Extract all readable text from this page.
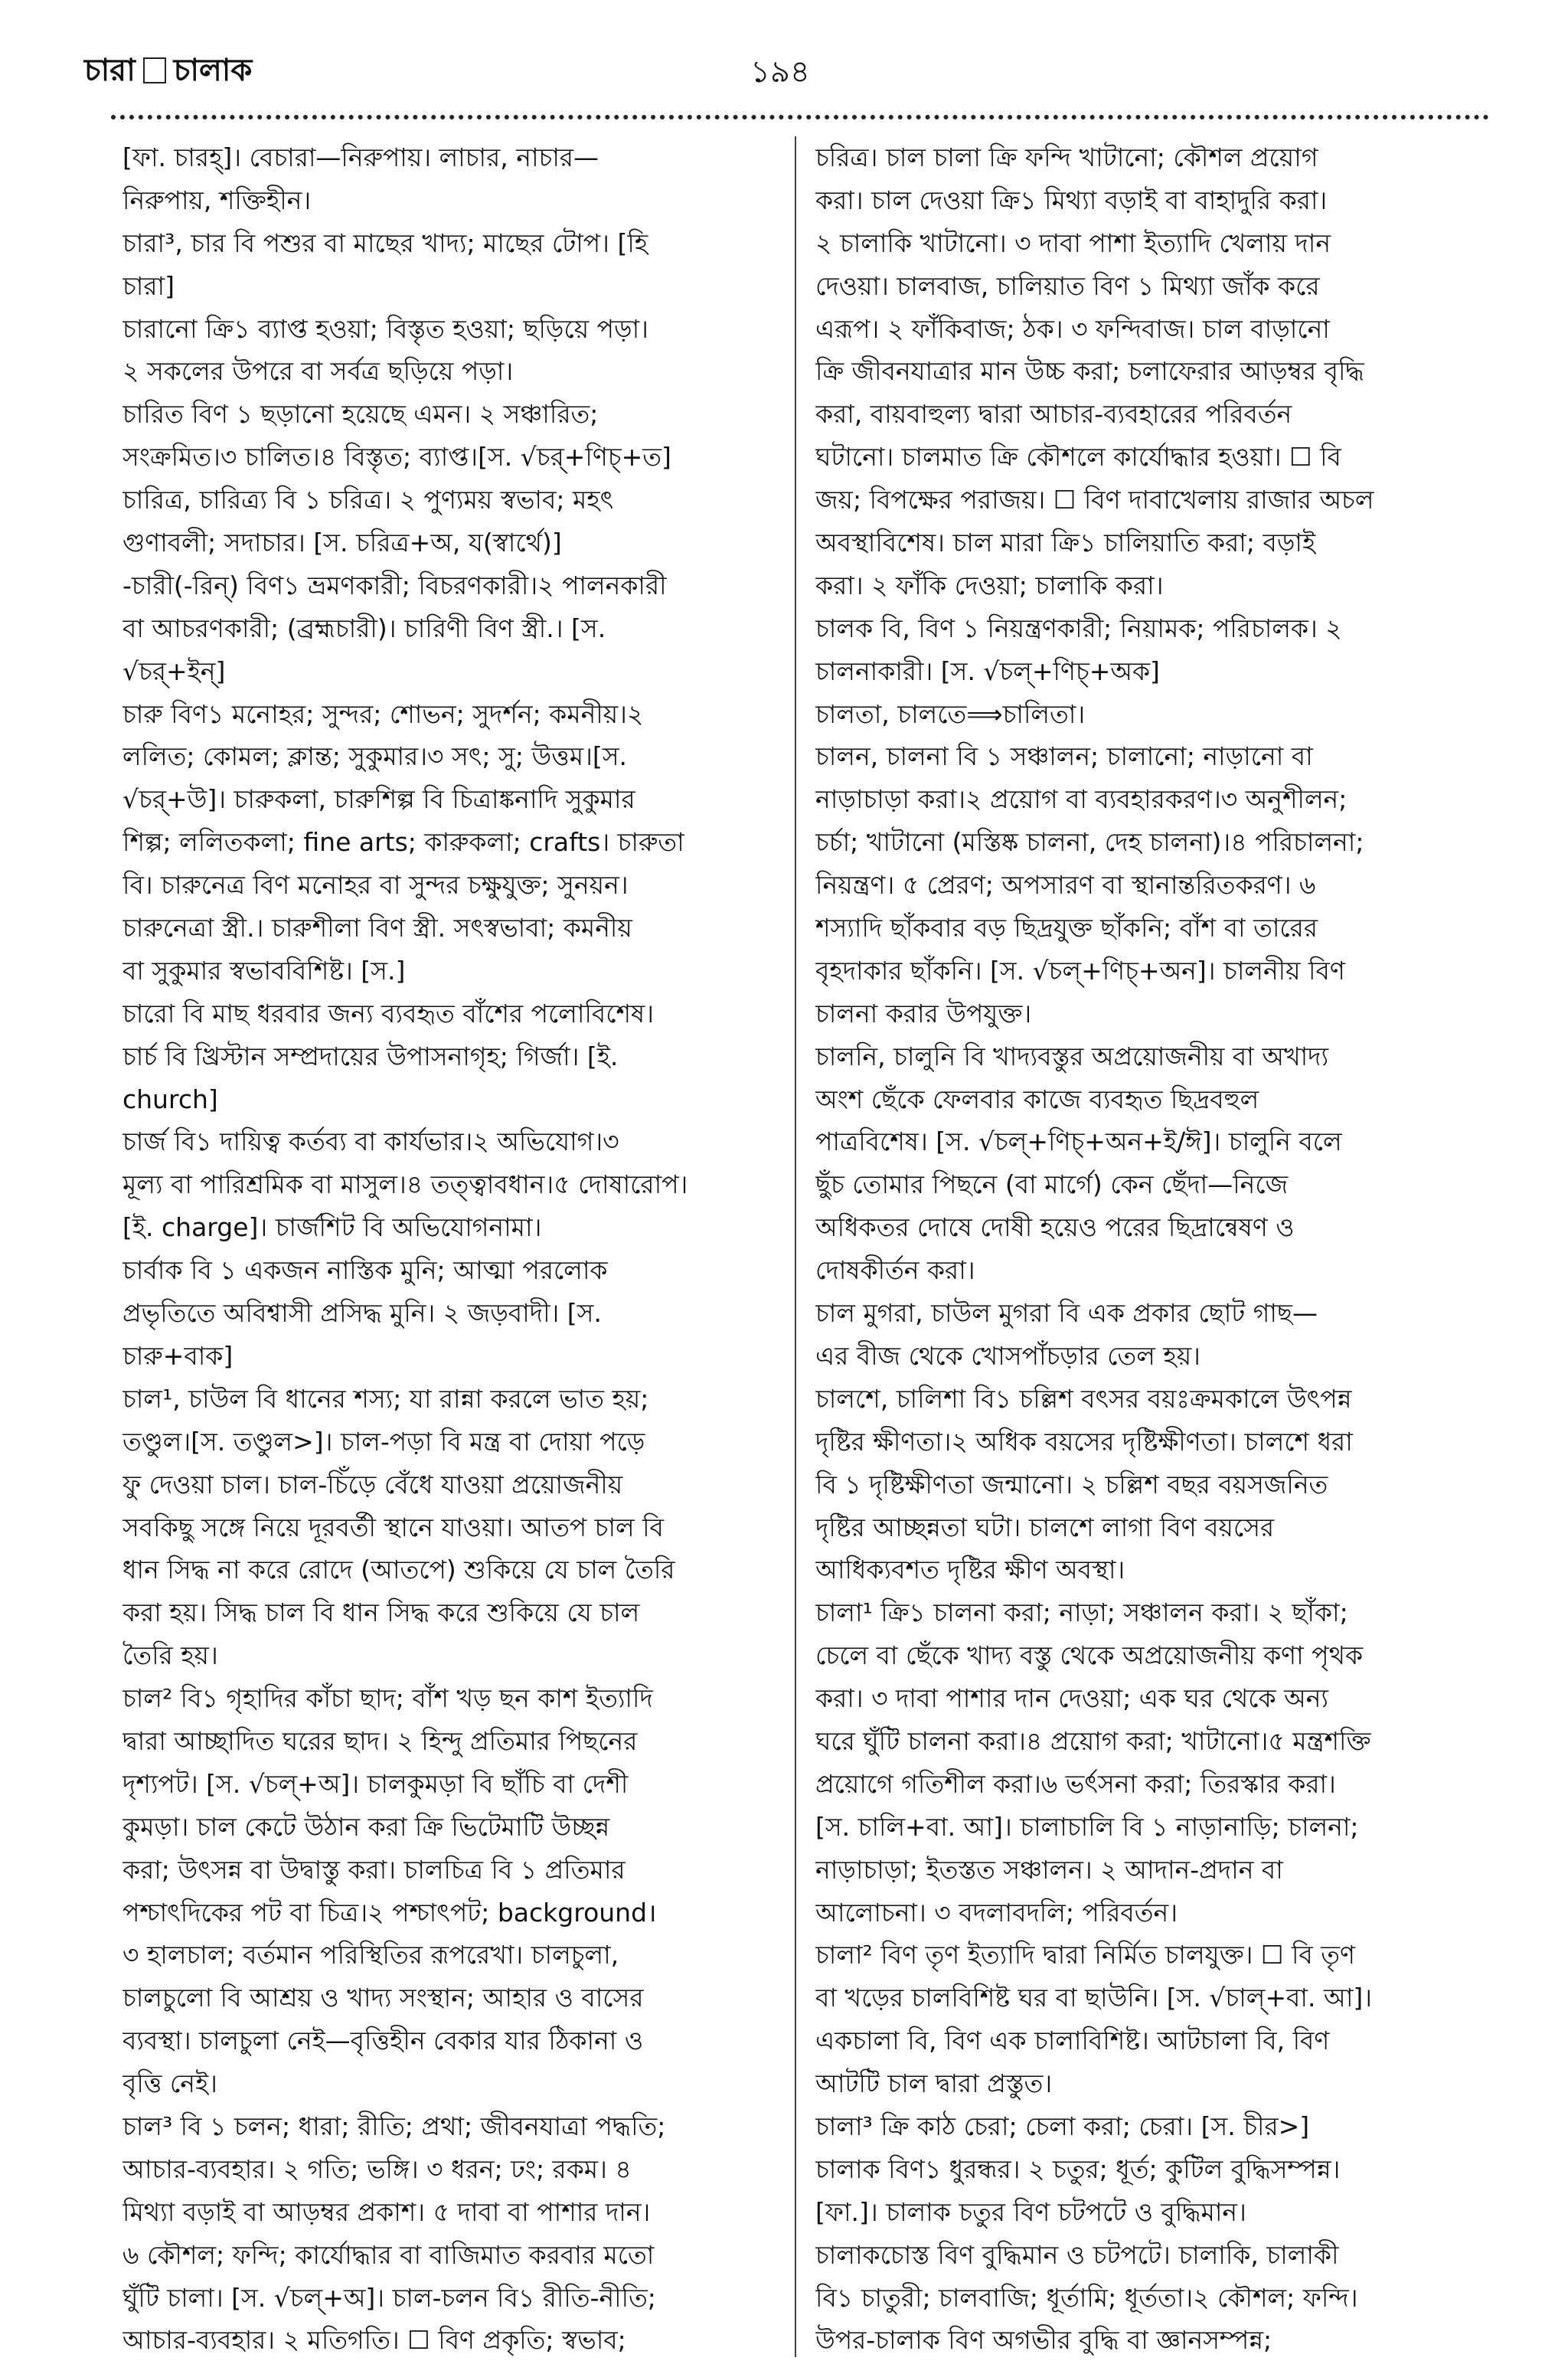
চারা চালাক	১৯৪
[ফা. চারহ্]। বেচারা—নিরুপায়। লাচার, নাচার—
নিরুপায়, শক্তিহীন।
চারা³, চার বি পশুর বা মাছের খাদ্য; মাছের টোপ। [হি
চারা]
চারানো ক্রি১ ব্যাপ্ত হওয়া; বিস্তৃত হওয়া; ছড়িয়ে পড়া।
২ সকলের উপরে বা সর্বত্র ছড়িয়ে পড়া।
চারিত বিণ ১ ছড়ানো হয়েছে এমন। ২ সঞ্চারিত;
সংক্রমিত।৩ চালিত।৪ বিস্তৃত; ব্যাপ্ত।[স. √চর্+ণিচ্+ত]
চারিত্র, চারিত্র্য বি ১ চরিত্র। ২ পুণ্যময় স্বভাব; মহৎ
গুণাবলী; সদাচার। [স. চরিত্র+অ, য(স্বার্থে)]
-চারী(-রিন্) বিণ১ ভ্রমণকারী; বিচরণকারী।২ পালনকারী
বা আচরণকারী; (ব্রহ্মচারী)। চারিণী বিণ স্ত্রী.। [স.
√চর্+ইন্]
চারু বিণ১ মনোহর; সুন্দর; শোভন; সুদর্শন; কমনীয়।২
ললিত; কোমল; ক্লান্ত; সুকুমার।৩ সৎ; সু; উত্তম।[স.
√চর্+উ]। চারুকলা, চারুশিল্প বি চিত্রাঙ্কনাদি সুকুমার
শিল্প; ললিতকলা; fine arts; কারুকলা; crafts। চারুতা
বি। চারুনেত্র বিণ মনোহর বা সুন্দর চক্ষুযুক্ত; সুনয়ন।
চারুনেত্রা স্ত্রী.। চারুশীলা বিণ স্ত্রী. সৎস্বভাবা; কমনীয়
বা সুকুমার স্বভাববিশিষ্ট। [স.]
চারো বি মাছ ধরবার জন্য ব্যবহৃত বাঁশের পলোবিশেষ।
চার্চ বি খ্রিস্টান সম্প্রদায়ের উপাসনাগৃহ; গির্জা। [ই.
church]
চার্জ বি১ দায়িত্ব কর্তব্য বা কার্যভার।২ অভিযোগ।৩
মূল্য বা পারিশ্রমিক বা মাসুল।৪ তত্ত্বাবধান।৫ দোষারোপ।
[ই. charge]। চার্জশিট বি অভিযোগনামা।
চার্বাক বি ১ একজন নাস্তিক মুনি; আত্মা পরলোক
প্রভৃতিতে অবিশ্বাসী প্রসিদ্ধ মুনি। ২ জড়বাদী। [স.
চারু+বাক]
চাল¹, চাউল বি ধানের শস্য; যা রান্না করলে ভাত হয়;
তণ্ডুল।[স. তণ্ডুল>]। চাল-পড়া বি মন্ত্র বা দোয়া পড়ে
ফু দেওয়া চাল। চাল-চিঁড়ে বেঁধে যাওয়া প্রয়োজনীয়
সবকিছু সঙ্গে নিয়ে দূরবর্তী স্থানে যাওয়া। আতপ চাল বি
ধান সিদ্ধ না করে রোদে (আতপে) শুকিয়ে যে চাল তৈরি
করা হয়। সিদ্ধ চাল বি ধান সিদ্ধ করে শুকিয়ে যে চাল
তৈরি হয়।
চাল² বি১ গৃহাদির কাঁচা ছাদ; বাঁশ খড় ছন কাশ ইত্যাদি
দ্বারা আচ্ছাদিত ঘরের ছাদ। ২ হিন্দু প্রতিমার পিছনের
দৃশ্যপট। [স. √চল্+অ]। চালকুমড়া বি ছাঁচি বা দেশী
কুমড়া। চাল কেটে উঠান করা ক্রি ভিটেমাটি উচ্ছন্ন
করা; উৎসন্ন বা উদ্বাস্তু করা। চালচিত্র বি ১ প্রতিমার
পশ্চাৎদিকের পট বা চিত্র।২ পশ্চাৎপট; background।
৩ হালচাল; বর্তমান পরিস্থিতির রূপরেখা। চালচুলা,
চালচুলো বি আশ্রয় ও খাদ্য সংস্থান; আহার ও বাসের
ব্যবস্থা। চালচুলা নেই—বৃত্তিহীন বেকার যার ঠিকানা ও
বৃত্তি নেই।
চাল³ বি ১ চলন; ধারা; রীতি; প্রথা; জীবনযাত্রা পদ্ধতি;
আচার-ব্যবহার। ২ গতি; ভঙ্গি। ৩ ধরন; ঢং; রকম। ৪
মিথ্যা বড়াই বা আড়ম্বর প্রকাশ। ৫ দাবা বা পাশার দান।
৬ কৌশল; ফন্দি; কার্যোদ্ধার বা বাজিমাত করবার মতো
ঘুঁটি চালা। [স. √চল্+অ]। চাল-চলন বি১ রীতি-নীতি;
আচার-ব্যবহার। ২ মতিগতি। ☐ বিণ প্রকৃতি; স্বভাব;
চরিত্র। চাল চালা ক্রি ফন্দি খাটানো; কৌশল প্রয়োগ
করা। চাল দেওয়া ক্রি১ মিথ্যা বড়াই বা বাহাদুরি করা।
২ চালাকি খাটানো। ৩ দাবা পাশা ইত্যাদি খেলায় দান
দেওয়া। চালবাজ, চালিয়াত বিণ ১ মিথ্যা জাঁক করে
এরূপ। ২ ফাঁকিবাজ; ঠক। ৩ ফন্দিবাজ। চাল বাড়ানো
ক্রি জীবনযাত্রার মান উচ্চ করা; চলাফেরার আড়ম্বর বৃদ্ধি
করা, বায়বাহুল্য দ্বারা আচার-ব্যবহারের পরিবর্তন
ঘটানো। চালমাত ক্রি কৌশলে কার্যোদ্ধার হওয়া। ☐ বি
জয়; বিপক্ষের পরাজয়। ☐ বিণ দাবাখেলায় রাজার অচল
অবস্থাবিশেষ। চাল মারা ক্রি১ চালিয়াতি করা; বড়াই
করা। ২ ফাঁকি দেওয়া; চালাকি করা।
চালক বি, বিণ ১ নিয়ন্ত্রণকারী; নিয়ামক; পরিচালক। ২
চালনাকারী। [স. √চল্+ণিচ্+অক]
চালতা, চালতে⟹চালিতা।
চালন, চালনা বি ১ সঞ্চালন; চালানো; নাড়ানো বা
নাড়াচাড়া করা।২ প্রয়োগ বা ব্যবহারকরণ।৩ অনুশীলন;
চর্চা; খাটানো (মস্তিষ্ক চালনা, দেহ চালনা)।৪ পরিচালনা;
নিয়ন্ত্রণ। ৫ প্রেরণ; অপসারণ বা স্থানান্তরিতকরণ। ৬
শস্যাদি ছাঁকবার বড় ছিদ্রযুক্ত ছাঁকনি; বাঁশ বা তারের
বৃহদাকার ছাঁকনি। [স. √চল্+ণিচ্+অন]। চালনীয় বিণ
চালনা করার উপযুক্ত।
চালনি, চালুনি বি খাদ্যবস্তুর অপ্রয়োজনীয় বা অখাদ্য
অংশ ছেঁকে ফেলবার কাজে ব্যবহৃত ছিদ্রবহুল
পাত্রবিশেষ। [স. √চল্+ণিচ্+অন+ই/ঈ]। চালুনি বলে
ছুঁচ তোমার পিছনে (বা মার্গে) কেন ছেঁদা—নিজে
অধিকতর দোষে দোষী হয়েও পরের ছিদ্রান্বেষণ ও
দোষকীর্তন করা।
চাল মুগরা, চাউল মুগরা বি এক প্রকার ছোট গাছ—
এর বীজ থেকে খোসপাঁচড়ার তেল হয়।
চালশে, চালিশা বি১ চল্লিশ বৎসর বয়ঃক্রমকালে উৎপন্ন
দৃষ্টির ক্ষীণতা।২ অধিক বয়সের দৃষ্টিক্ষীণতা। চালশে ধরা
বি ১ দৃষ্টিক্ষীণতা জন্মানো। ২ চল্লিশ বছর বয়সজনিত
দৃষ্টির আচ্ছন্নতা ঘটা। চালশে লাগা বিণ বয়সের
আধিক্যবশত দৃষ্টির ক্ষীণ অবস্থা।
চালা¹ ক্রি১ চালনা করা; নাড়া; সঞ্চালন করা। ২ ছাঁকা;
চেলে বা ছেঁকে খাদ্য বস্তু থেকে অপ্রয়োজনীয় কণা পৃথক
করা। ৩ দাবা পাশার দান দেওয়া; এক ঘর থেকে অন্য
ঘরে ঘুঁটি চালনা করা।৪ প্রয়োগ করা; খাটানো।৫ মন্ত্রশক্তি
প্রয়োগে গতিশীল করা।৬ ভর্ৎসনা করা; তিরস্কার করা।
[স. চালি+বা. আ]। চালাচালি বি ১ নাড়ানাড়ি; চালনা;
নাড়াচাড়া; ইতস্তত সঞ্চালন। ২ আদান-প্রদান বা
আলোচনা। ৩ বদলাবদলি; পরিবর্তন।
চালা² বিণ তৃণ ইত্যাদি দ্বারা নির্মিত চালযুক্ত। ☐ বি তৃণ
বা খড়ের চালবিশিষ্ট ঘর বা ছাউনি। [স. √চাল্+বা. আ]।
একচালা বি, বিণ এক চালাবিশিষ্ট। আটচালা বি, বিণ
আটটি চাল দ্বারা প্রস্তুত।
চালা³ ক্রি কাঠ চেরা; চেলা করা; চেরা। [স. চীর>]
চালাক বিণ১ ধুরন্ধর। ২ চতুর; ধূর্ত; কুটিল বুদ্ধিসম্পন্ন।
[ফা.]। চালাক চতুর বিণ চটপটে ও বুদ্ধিমান।
চালাকচোস্ত বিণ বুদ্ধিমান ও চটপটে। চালাকি, চালাকী
বি১ চাতুরী; চালবাজি; ধূর্তামি; ধূর্ততা।২ কৌশল; ফন্দি।
উপর-চালাক বিণ অগভীর বুদ্ধি বা জ্ঞানসম্পন্ন;
